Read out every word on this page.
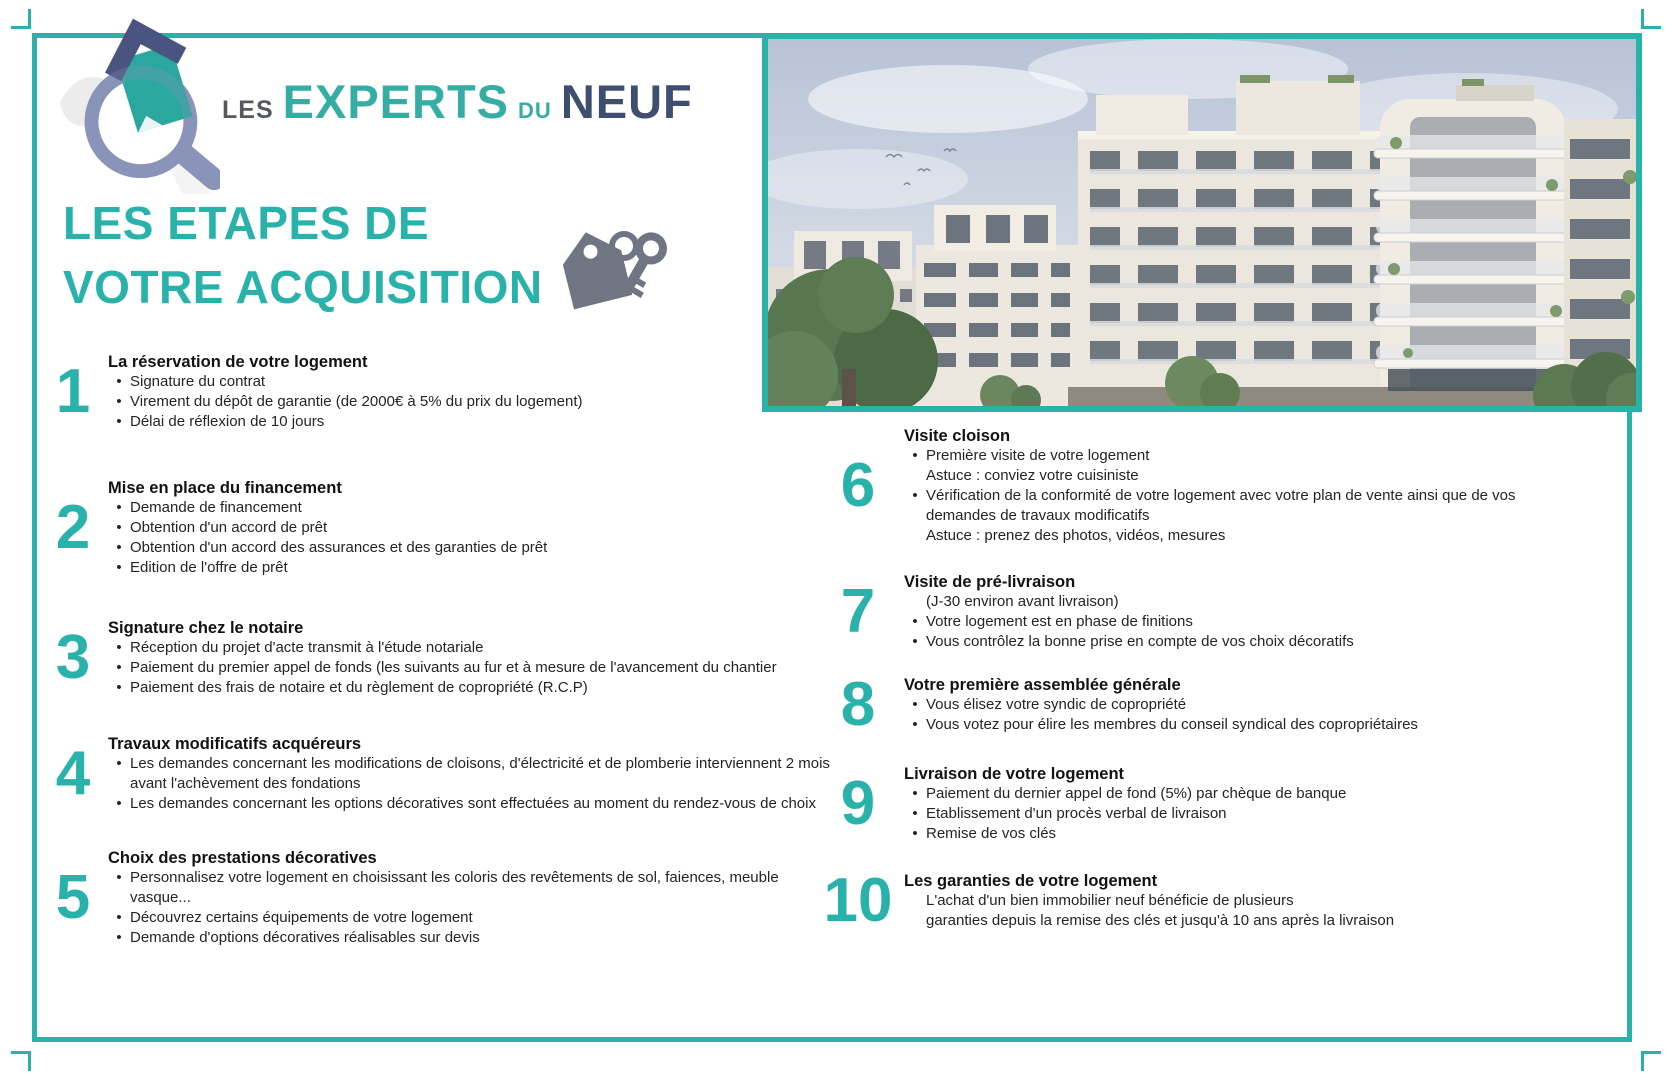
LES EXPERTS DU NEUF
LES ETAPES DE
VOTRE ACQUISITION
1	La réservation de votre logement
• Signature du contrat
• Virement du dépôt de garantie (de 2000€ à 5% du prix du logement)
• Délai de réflexion de 10 jours
2
Mise en place du financement
• Demande de financement
• Obtention d'un accord de prêt
• Obtention d'un accord des assurances et des garanties de prêt
• Edition de l'offre de prêt
3	Signature chez le notaire
• Réception du projet d'acte transmit à l'étude notariale
• Paiement du premier appel de fonds (les suivants au fur et à mesure de l'avancement du chantier
• Paiement des frais de notaire et du règlement de copropriété (R.C.P)
4	Travaux modificatifs acquéreurs
• Les demandes concernant les modifications de cloisons, d'électricité et de plomberie interviennent 2 mois avant l'achèvement des fondations
• Les demandes concernant les options décoratives sont effectuées au moment du rendez-vous de choix
5
Choix des prestations décoratives
• Personnalisez votre logement en choisissant les coloris des revêtements de sol, faiences, meuble vasque...
• Découvrez certains équipements de votre logement
• Demande d'options décoratives réalisables sur devis
6
Visite cloison
• Première visite de votre logement
Astuce : conviez votre cuisiniste
• Vérification de la conformité de votre logement avec votre plan de vente ainsi que de vos demandes de travaux modificatifs
Astuce : prenez des photos, vidéos, mesures
7	Visite de pré-livraison
(J-30 environ avant livraison)
• Votre logement est en phase de finitions
• Vous contrôlez la bonne prise en compte de vos choix décoratifs
8	Votre première assemblée générale
• Vous élisez votre syndic de copropriété
• Vous votez pour élire les membres du conseil syndical des copropriétaires
9	Livraison de votre logement
• Paiement du dernier appel de fond (5%) par chèque de banque
• Etablissement d'un procès verbal de livraison
• Remise de vos clés
10 Les garanties de votre logement
L'achat d'un bien immobilier neuf bénéficie de plusieurs
garanties depuis la remise des clés et jusqu'à 10 ans après la livraison
